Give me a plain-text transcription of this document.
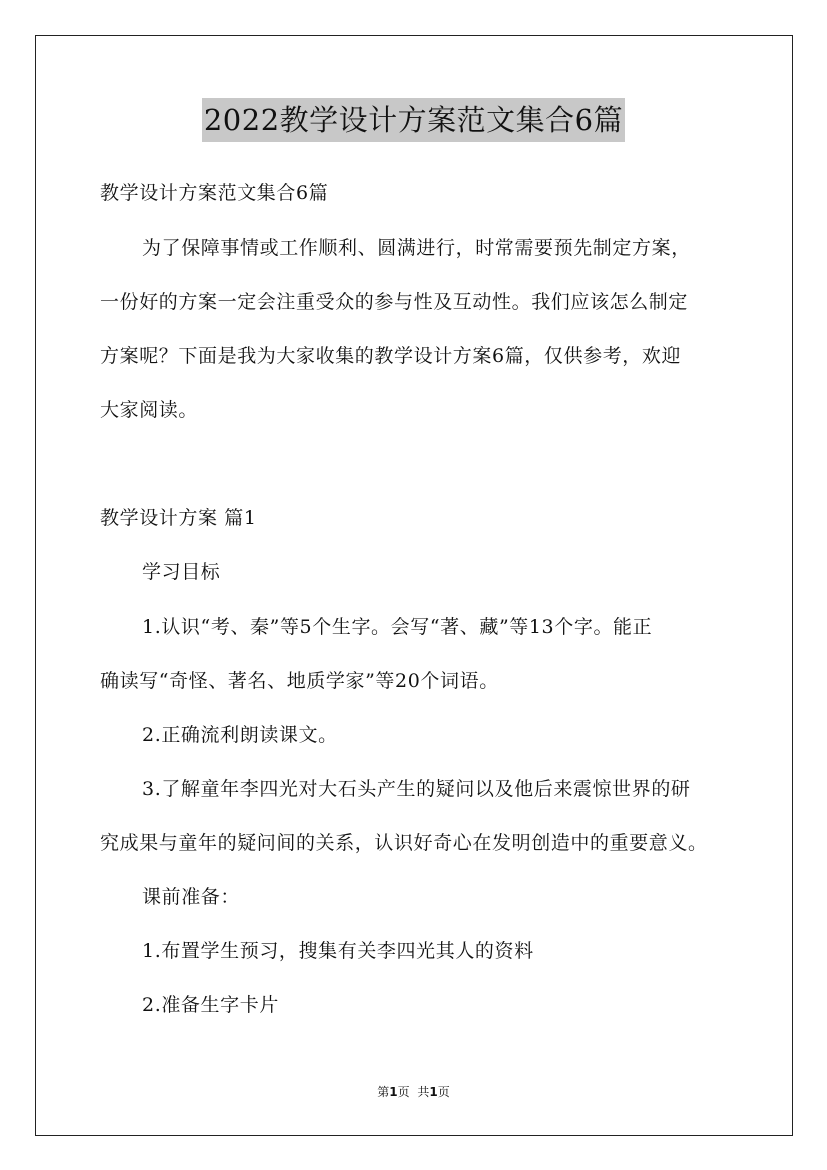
2022教学设计方案范文集合6篇
教学设计方案范文集合6篇
为了保障事情或工作顺利、圆满进行，时常需要预先制定方案，
一份好的方案一定会注重受众的参与性及互动性。我们应该怎么制定
方案呢？下面是我为大家收集的教学设计方案6篇，仅供参考，欢迎
大家阅读。
教学设计方案 篇1
学习目标
1.认识“考、秦”等5个生字。会写“著、藏”等13个字。能正
确读写“奇怪、著名、地质学家”等20个词语。
2.正确流利朗读课文。
3.了解童年李四光对大石头产生的疑问以及他后来震惊世界的研
究成果与童年的疑问间的关系，认识好奇心在发明创造中的重要意义。
课前准备：
1.布置学生预习，搜集有关李四光其人的资料
2.准备生字卡片
第1页 共1页
